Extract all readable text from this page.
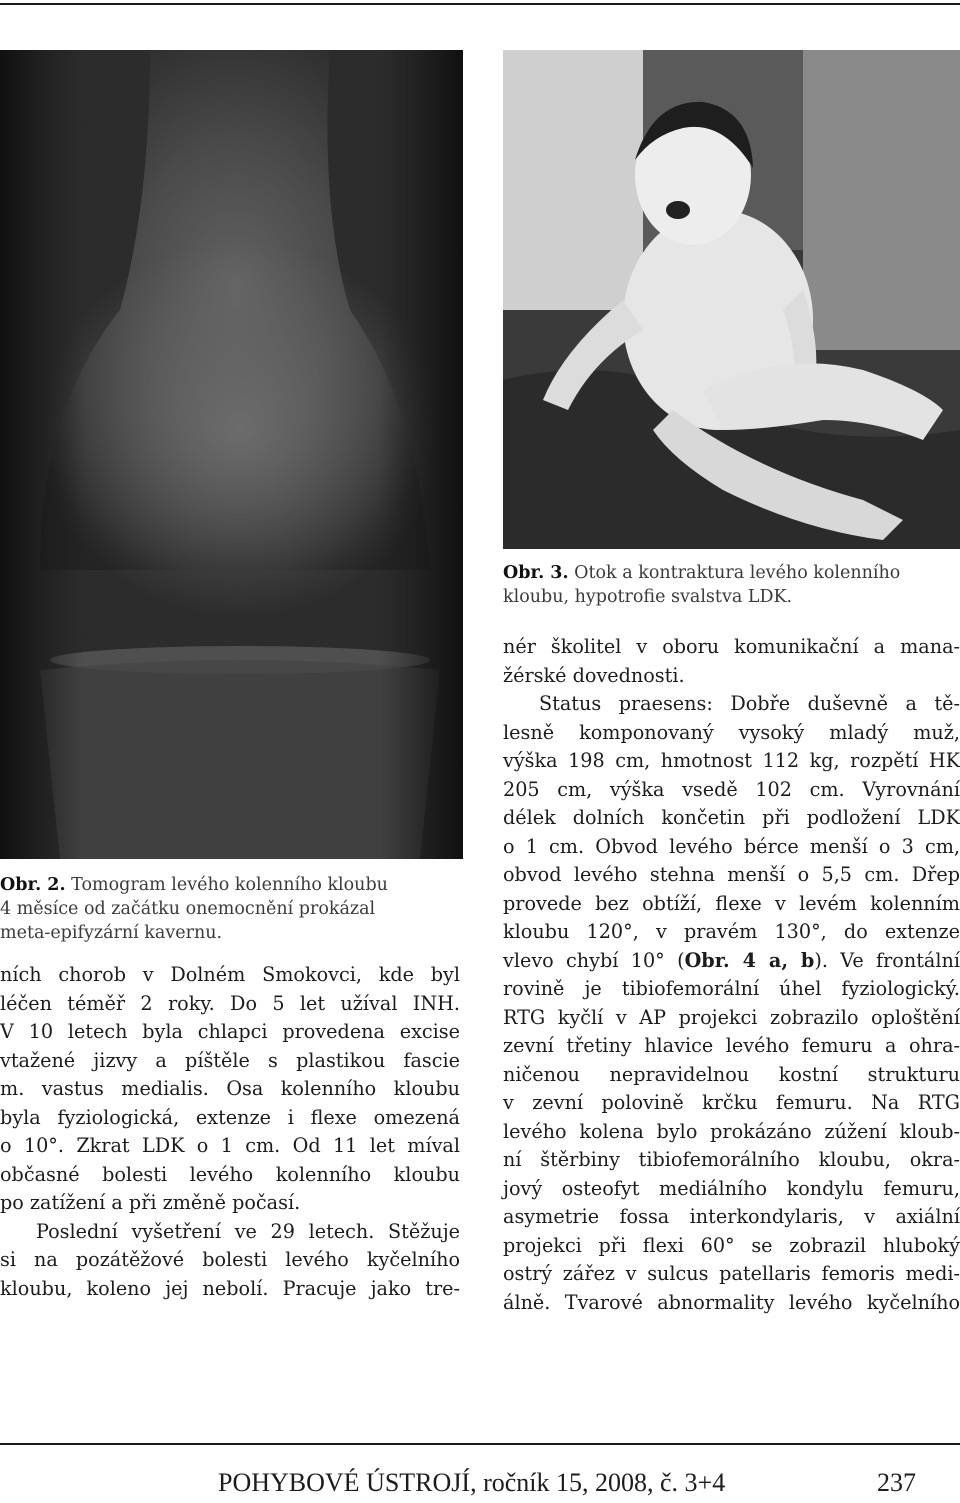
Obr. 2. Tomogram levého kolenního kloubu
4 měsíce od začátku onemocnění prokázal
meta-epifyzární kavernu.
Obr. 3. Otok a kontraktura levého kolenního
kloubu, hypotrofie svalstva LDK.
ních chorob v Dolném Smokovci, kde byl
léčen téměř 2 roky. Do 5 let užíval INH.
V 10 letech byla chlapci provedena excise
vtažené jizvy a píštěle s plastikou fascie
m. vastus medialis. Osa kolenního kloubu
byla fyziologická, extenze i flexe omezená
o 10°. Zkrat LDK o 1 cm. Od 11 let míval
občasné bolesti levého kolenního kloubu
po zatížení a při změně počasí.
Poslední vyšetření ve 29 letech. Stěžuje
si na pozátěžové bolesti levého kyčelního
kloubu, koleno jej nebolí. Pracuje jako tre-
nér školitel v oboru komunikační a mana-
žérské dovednosti.
Status praesens: Dobře duševně a tě-
lesně komponovaný vysoký mladý muž,
výška 198 cm, hmotnost 112 kg, rozpětí HK
205 cm, výška vsedě 102 cm. Vyrovnání
délek dolních končetin při podložení LDK
o 1 cm. Obvod levého bérce menší o 3 cm,
obvod levého stehna menší o 5,5 cm. Dřep
provede bez obtíží, flexe v levém kolenním
kloubu 120°, v pravém 130°, do extenze
vlevo chybí 10° (Obr. 4 a, b). Ve frontální
rovině je tibiofemorální úhel fyziologický.
RTG kyčlí v AP projekci zobrazilo oploštění
zevní třetiny hlavice levého femuru a ohra-
ničenou nepravidelnou kostní strukturu
v zevní polovině krčku femuru. Na RTG
levého kolena bylo prokázáno zúžení kloub-
ní štěrbiny tibiofemorálního kloubu, okra-
jový osteofyt mediálního kondylu femuru,
asymetrie fossa interkondylaris, v axiální
projekci při flexi 60° se zobrazil hluboký
ostrý zářez v sulcus patellaris femoris medi-
álně. Tvarové abnormality levého kyčelního
POHYBOVÉ ÚSTROJÍ, ročník 15, 2008, č. 3+4	237
